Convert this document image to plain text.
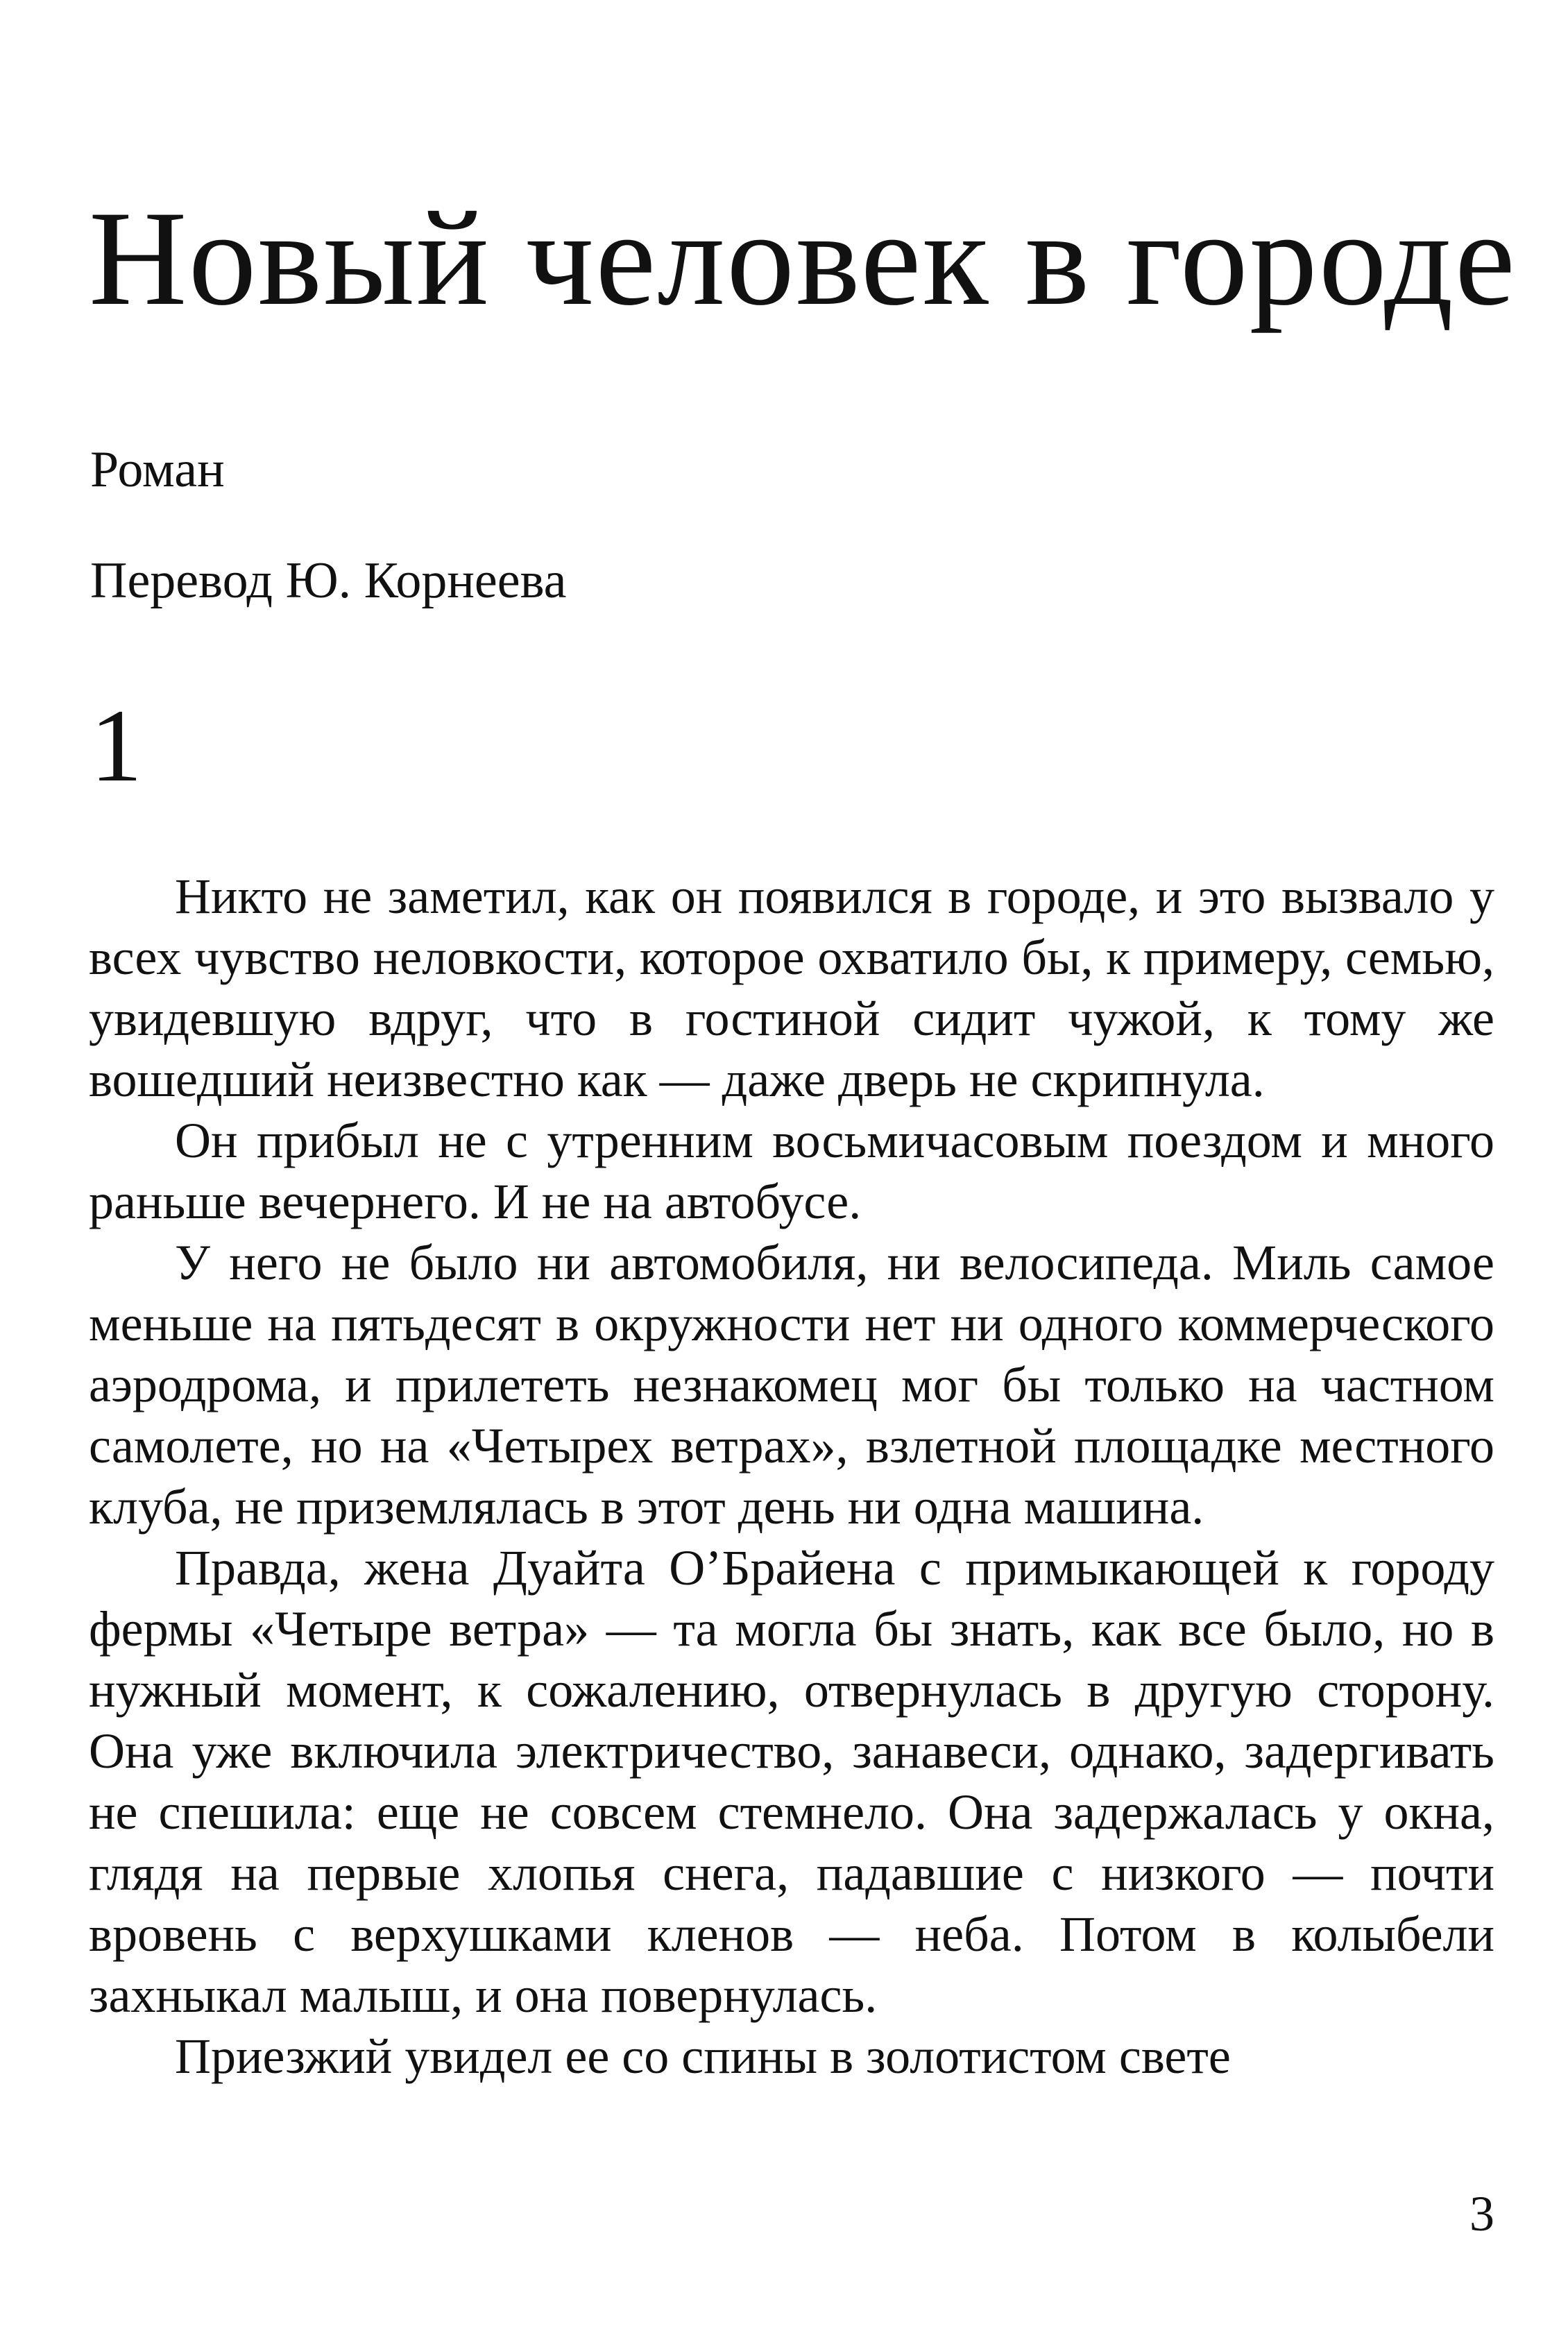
Новый человек в городе

Роман

Перевод Ю. Корнеева

1

Никто не заметил, как он появился в городе, и это вызвало у всех чувство неловкости, которое охватило бы, к примеру, семью, увидевшую вдруг, что в гостиной сидит чужой, к тому же вошедший неизвестно как — даже дверь не скрипнула.

Он прибыл не с утренним восьмичасовым поездом и много раньше вечернего. И не на автобусе.

У него не было ни автомобиля, ни велосипеда. Миль самое меньше на пятьдесят в окружности нет ни одного коммерческого аэродрома, и прилететь незнакомец мог бы только на частном самолете, но на «Четырех ветрах», взлетной площадке местного клуба, не приземлялась в этот день ни одна машина.

Правда, жена Дуайта О’Брайена с примыкающей к городу фермы «Четыре ветра» — та могла бы знать, как все было, но в нужный момент, к сожалению, отвернулась в другую сторону. Она уже включила электричество, занавеси, однако, задергивать не спешила: еще не совсем стемнело. Она задержалась у окна, глядя на первые хлопья снега, падавшие с низкого — почти вровень с верхушками кленов — неба. Потом в колыбели захныкал малыш, и она повернулась.

Приезжий увидел ее со спины в золотистом свете

3
